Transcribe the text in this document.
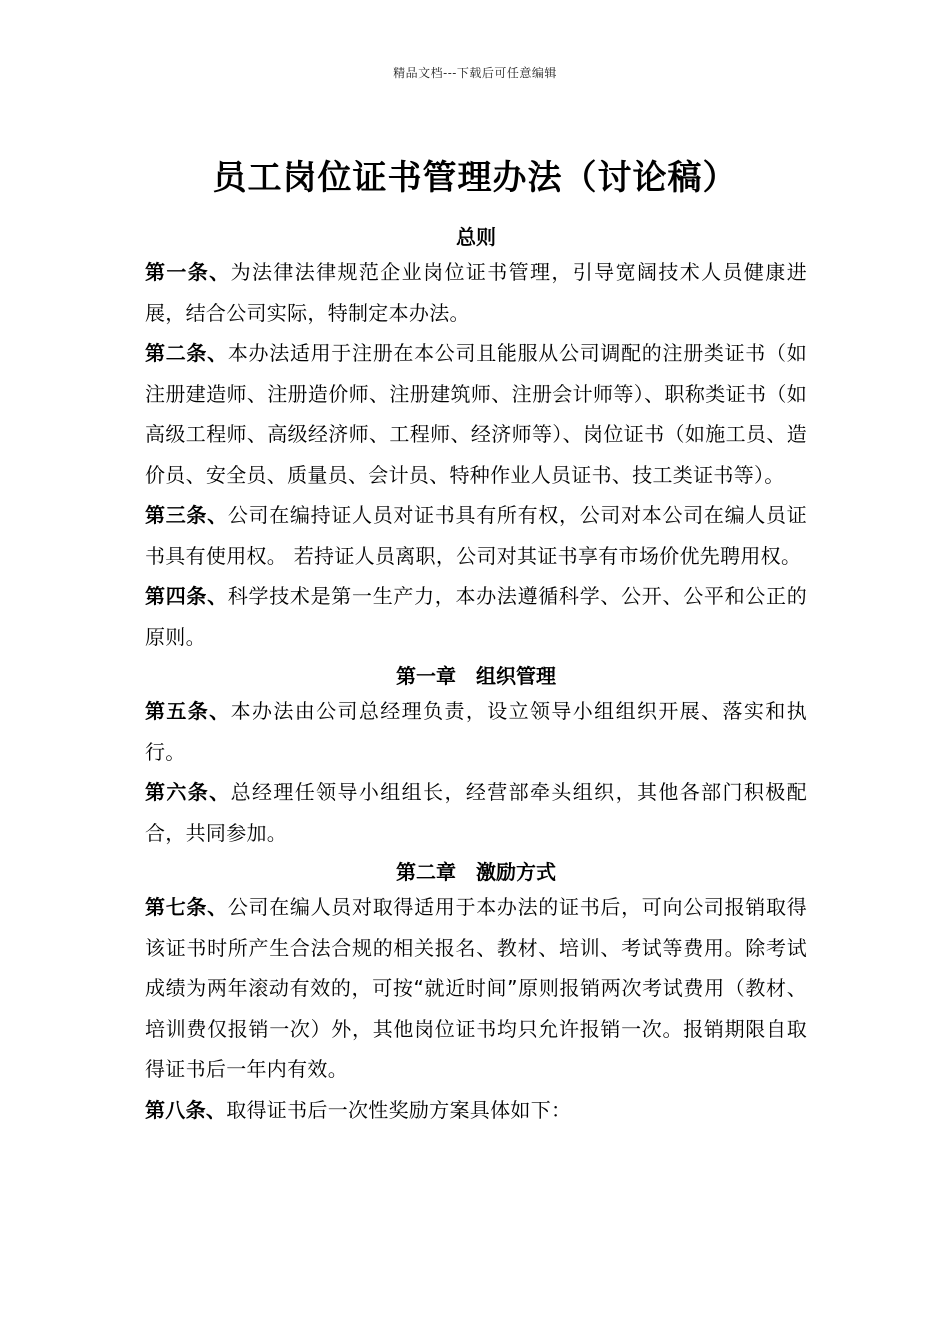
精品文档---下载后可任意编辑
员工岗位证书管理办法（讨论稿）

总则

第一条、为法律法律规范企业岗位证书管理，引导宽阔技术人员健康进展，结合公司实际，特制定本办法。

第二条、本办法适用于注册在本公司且能服从公司调配的注册类证书（如注册建造师、注册造价师、注册建筑师、注册会计师等）、职称类证书（如高级工程师、高级经济师、工程师、经济师等）、岗位证书（如施工员、造价员、安全员、质量员、会计员、特种作业人员证书、技工类证书等）。

第三条、公司在编持证人员对证书具有所有权，公司对本公司在编人员证书具有使用权。 若持证人员离职，公司对其证书享有市场价优先聘用权。

第四条、科学技术是第一生产力，本办法遵循科学、公开、公平和公正的原则。

第一章　组织管理

第五条、本办法由公司总经理负责，设立领导小组组织开展、落实和执行。

第六条、总经理任领导小组组长，经营部牵头组织，其他各部门积极配合，共同参加。

第二章　激励方式

第七条、公司在编人员对取得适用于本办法的证书后，可向公司报销取得该证书时所产生合法合规的相关报名、教材、培训、考试等费用。除考试成绩为两年滚动有效的，可按“就近时间”原则报销两次考试费用（教材、培训费仅报销一次）外，其他岗位证书均只允许报销一次。报销期限自取得证书后一年内有效。

第八条、取得证书后一次性奖励方案具体如下：
